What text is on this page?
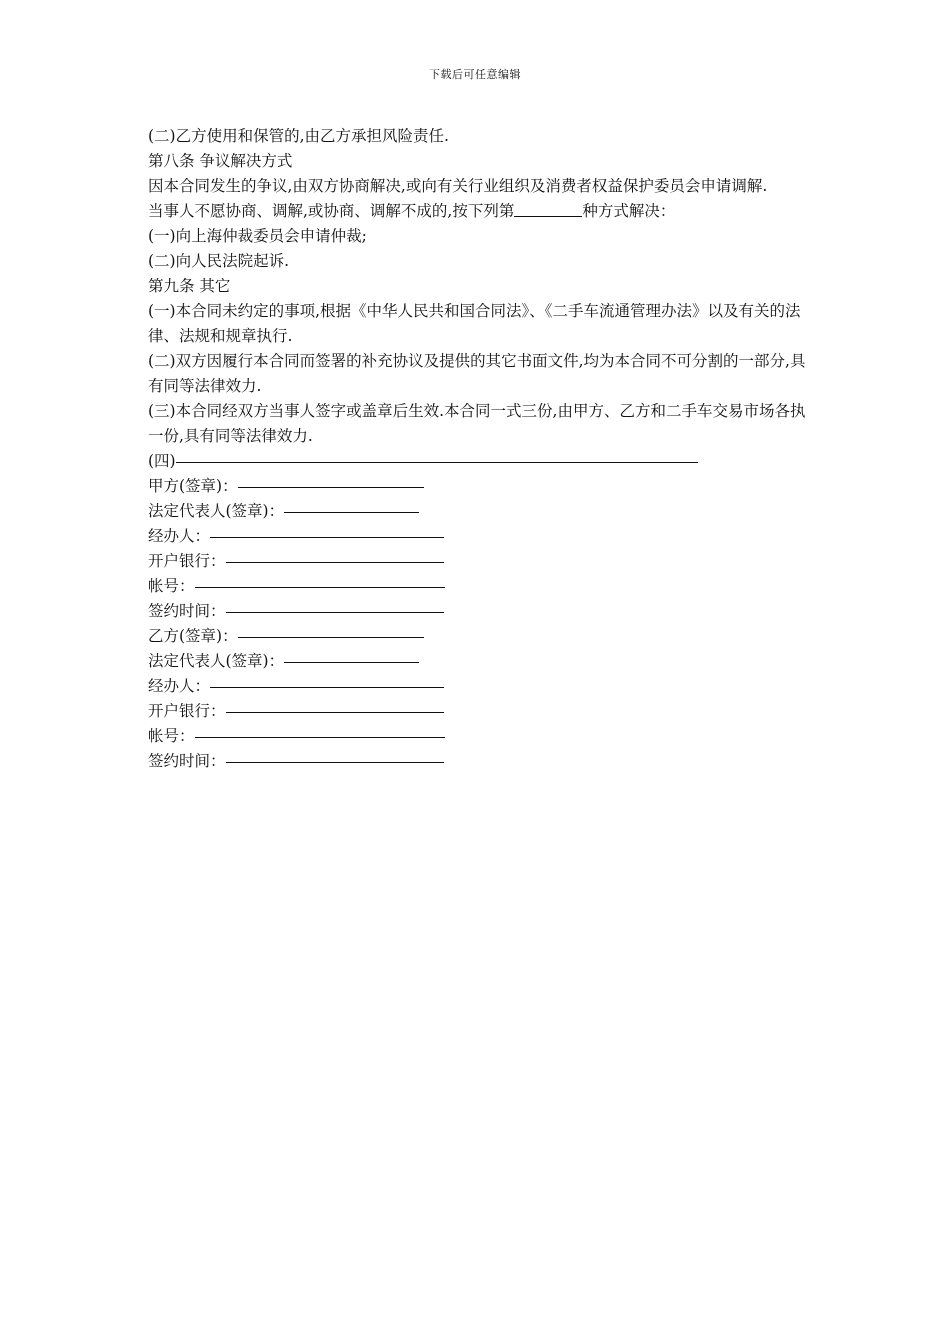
下载后可任意编辑
(二)乙方使用和保管的,由乙方承担风险责任.
第八条 争议解决方式
因本合同发生的争议,由双方协商解决,或向有关行业组织及消费者权益保护委员会申请调解.
当事人不愿协商、调解,或协商、调解不成的,按下列第	种方式解决：
(一)向上海仲裁委员会申请仲裁;
(二)向人民法院起诉.
第九条 其它
(一)本合同未约定的事项,根据《中华人民共和国合同法》、《二手车流通管理办法》以及有关的法律、法规和规章执行.
(二)双方因履行本合同而签署的补充协议及提供的其它书面文件,均为本合同不可分割的一部分,具有同等法律效力.
(三)本合同经双方当事人签字或盖章后生效.本合同一式三份,由甲方、乙方和二手车交易市场各执一份,具有同等法律效力.
(四)
甲方(签章)：
法定代表人(签章)：
经办人：
开户银行：
帐号：
签约时间：
乙方(签章)：
法定代表人(签章)：
经办人：
开户银行：
帐号：
签约时间：
